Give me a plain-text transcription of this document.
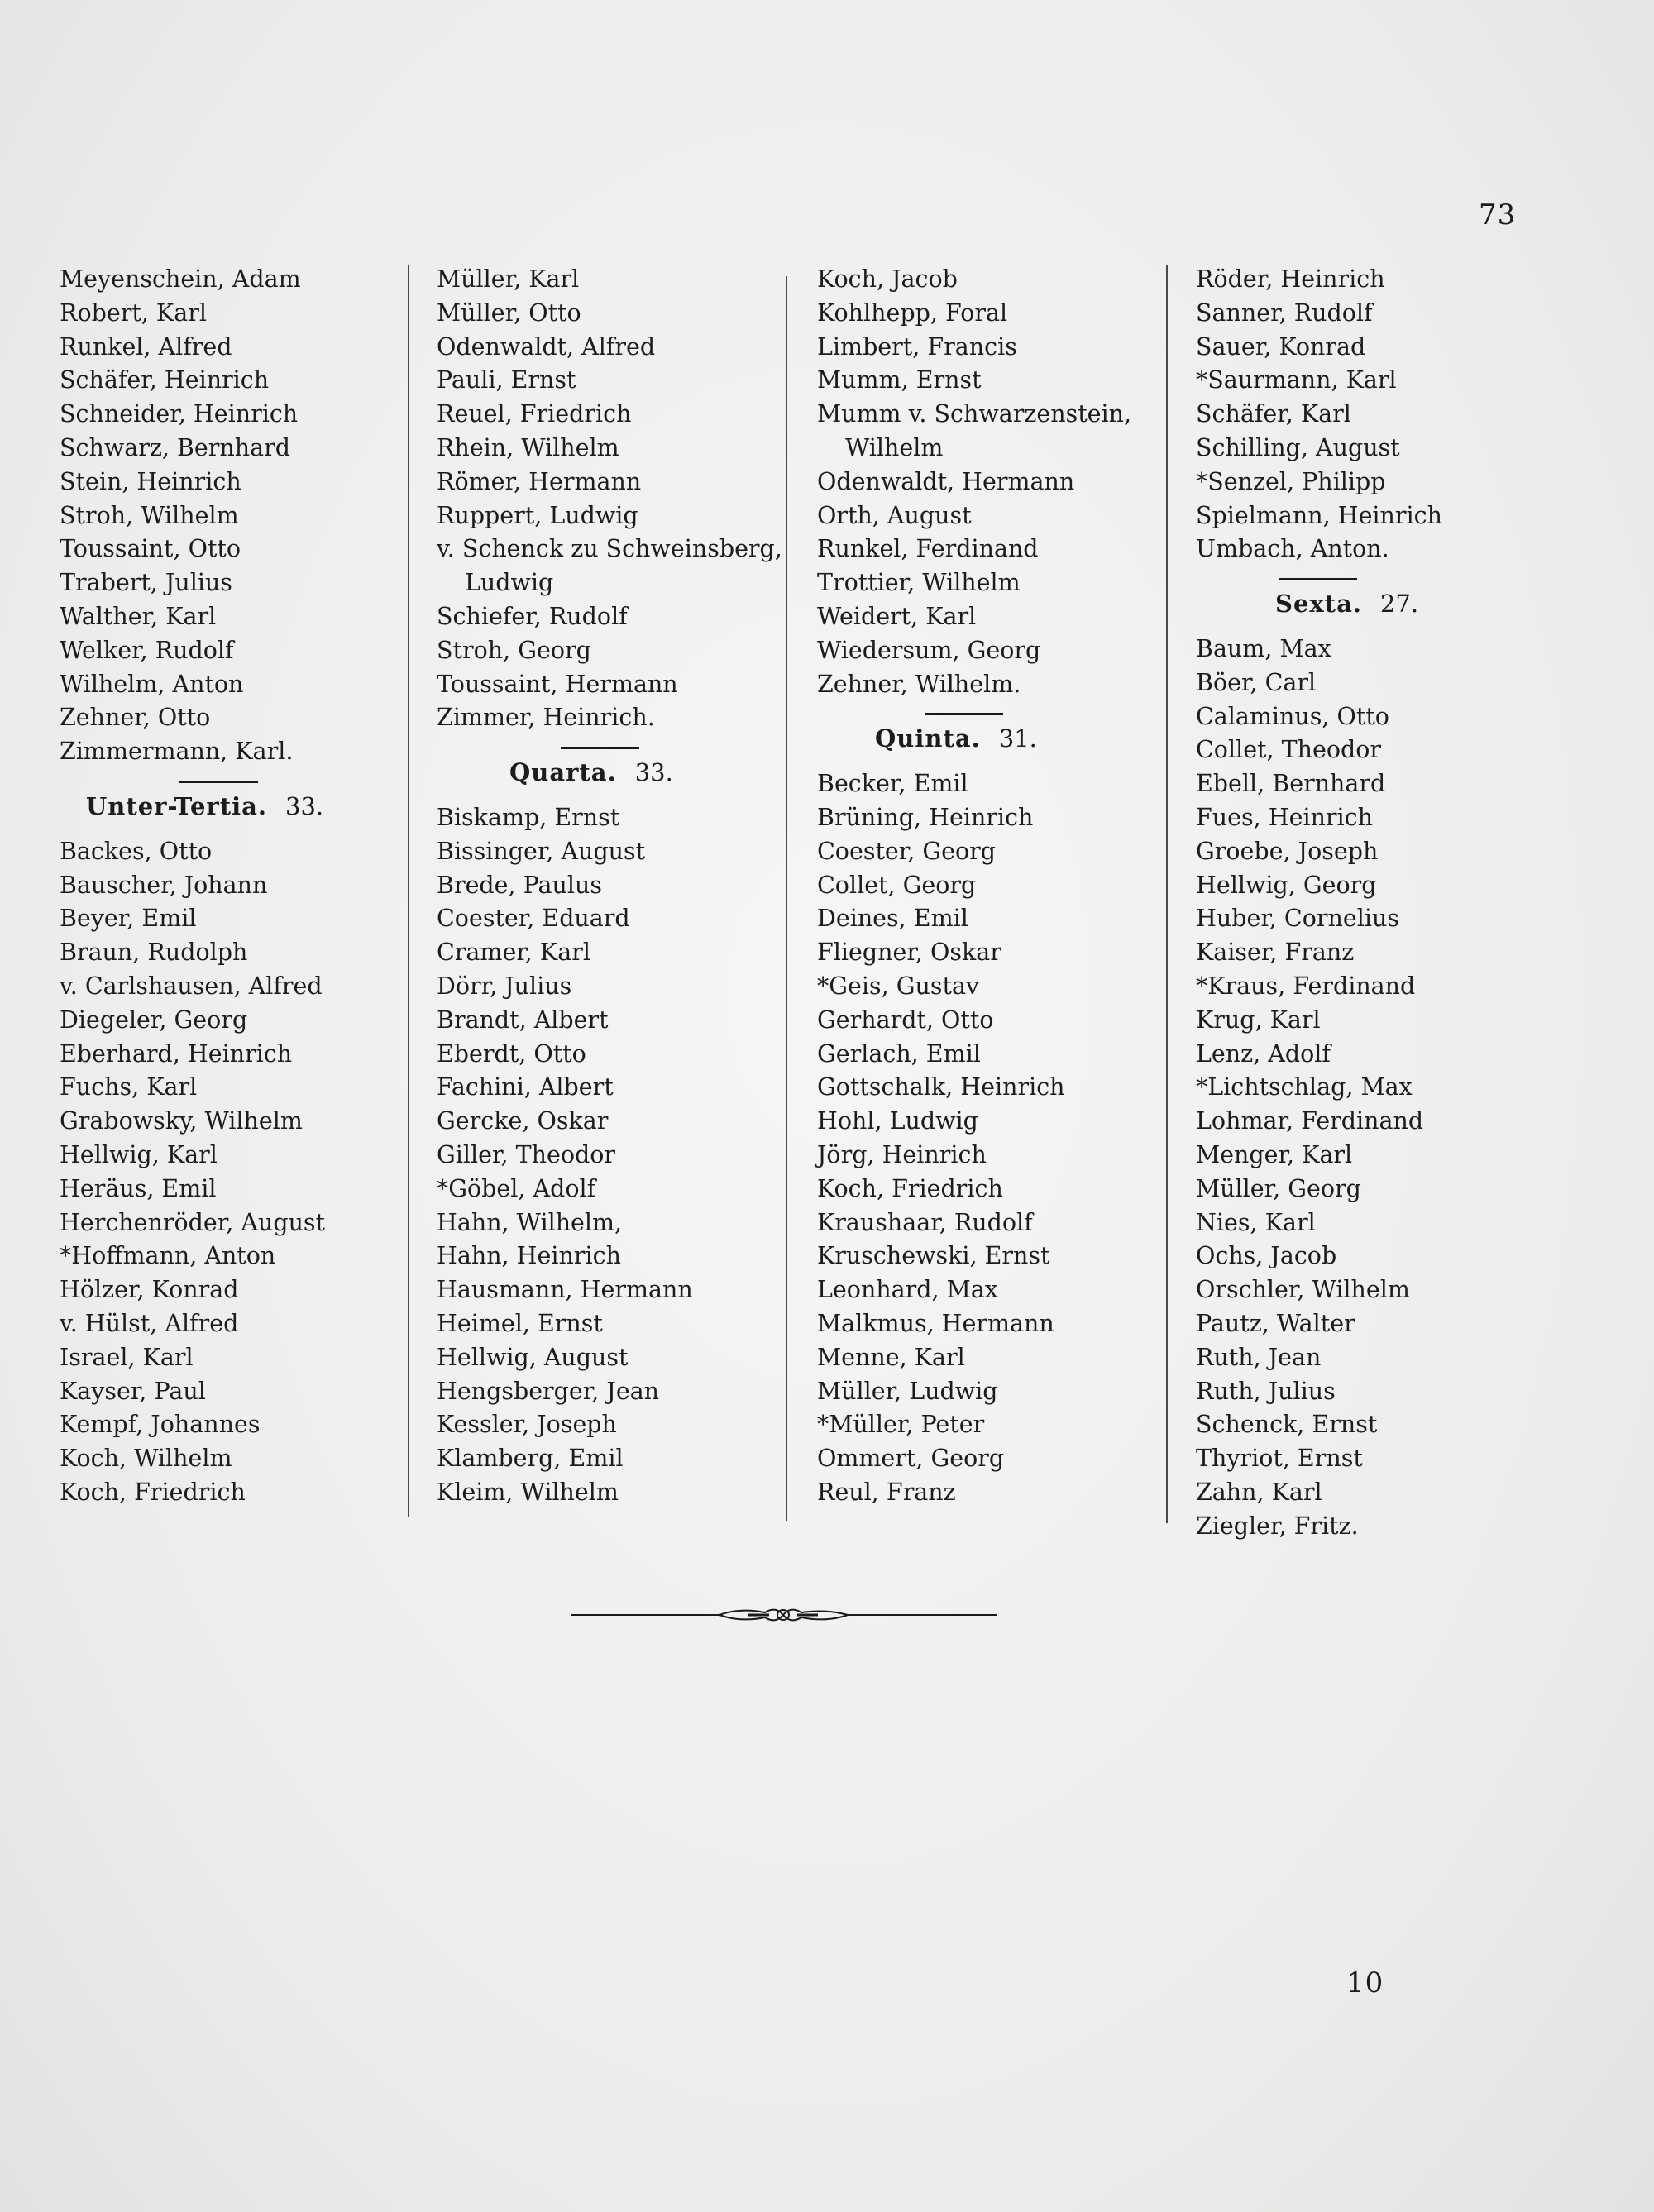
73
Meyenschein, Adam
Robert, Karl
Runkel, Alfred
Schäfer, Heinrich
Schneider, Heinrich
Schwarz, Bernhard
Stein, Heinrich
Stroh, Wilhelm
Toussaint, Otto
Trabert, Julius
Walther, Karl
Welker, Rudolf
Wilhelm, Anton
Zehner, Otto
Zimmermann, Karl.
Unter-Tertia. 33.
Backes, Otto
Bauscher, Johann
Beyer, Emil
Braun, Rudolph
v. Carlshausen, Alfred
Diegeler, Georg
Eberhard, Heinrich
Fuchs, Karl
Grabowsky, Wilhelm
Hellwig, Karl
Heräus, Emil
Herchenröder, August
*Hoffmann, Anton
Hölzer, Konrad
v. Hülst, Alfred
Israel, Karl
Kayser, Paul
Kempf, Johannes
Koch, Wilhelm
Koch, Friedrich
Müller, Karl
Müller, Otto
Odenwaldt, Alfred
Pauli, Ernst
Reuel, Friedrich
Rhein, Wilhelm
Römer, Hermann
Ruppert, Ludwig
v. Schenck zu Schweinsberg,
Ludwig
Schiefer, Rudolf
Stroh, Georg
Toussaint, Hermann
Zimmer, Heinrich.
Quarta. 33.
Biskamp, Ernst
Bissinger, August
Brede, Paulus
Coester, Eduard
Cramer, Karl
Dörr, Julius
Brandt, Albert
Eberdt, Otto
Fachini, Albert
Gercke, Oskar
Giller, Theodor
*Göbel, Adolf
Hahn, Wilhelm,
Hahn, Heinrich
Hausmann, Hermann
Heimel, Ernst
Hellwig, August
Hengsberger, Jean
Kessler, Joseph
Klamberg, Emil
Kleim, Wilhelm
Koch, Jacob
Kohlhepp, Foral
Limbert, Francis
Mumm, Ernst
Mumm v. Schwarzenstein,
Wilhelm
Odenwaldt, Hermann
Orth, August
Runkel, Ferdinand
Trottier, Wilhelm
Weidert, Karl
Wiedersum, Georg
Zehner, Wilhelm.
Quinta. 31.
Becker, Emil
Brüning, Heinrich
Coester, Georg
Collet, Georg
Deines, Emil
Fliegner, Oskar
*Geis, Gustav
Gerhardt, Otto
Gerlach, Emil
Gottschalk, Heinrich
Hohl, Ludwig
Jörg, Heinrich
Koch, Friedrich
Kraushaar, Rudolf
Kruschewski, Ernst
Leonhard, Max
Malkmus, Hermann
Menne, Karl
Müller, Ludwig
*Müller, Peter
Ommert, Georg
Reul, Franz
Röder, Heinrich
Sanner, Rudolf
Sauer, Konrad
*Saurmann, Karl
Schäfer, Karl
Schilling, August
*Senzel, Philipp
Spielmann, Heinrich
Umbach, Anton.
Sexta. 27.
Baum, Max
Böer, Carl
Calaminus, Otto
Collet, Theodor
Ebell, Bernhard
Fues, Heinrich
Groebe, Joseph
Hellwig, Georg
Huber, Cornelius
Kaiser, Franz
*Kraus, Ferdinand
Krug, Karl
Lenz, Adolf
*Lichtschlag, Max
Lohmar, Ferdinand
Menger, Karl
Müller, Georg
Nies, Karl
Ochs, Jacob
Orschler, Wilhelm
Pautz, Walter
Ruth, Jean
Ruth, Julius
Schenck, Ernst
Thyriot, Ernst
Zahn, Karl
Ziegler, Fritz.
10
